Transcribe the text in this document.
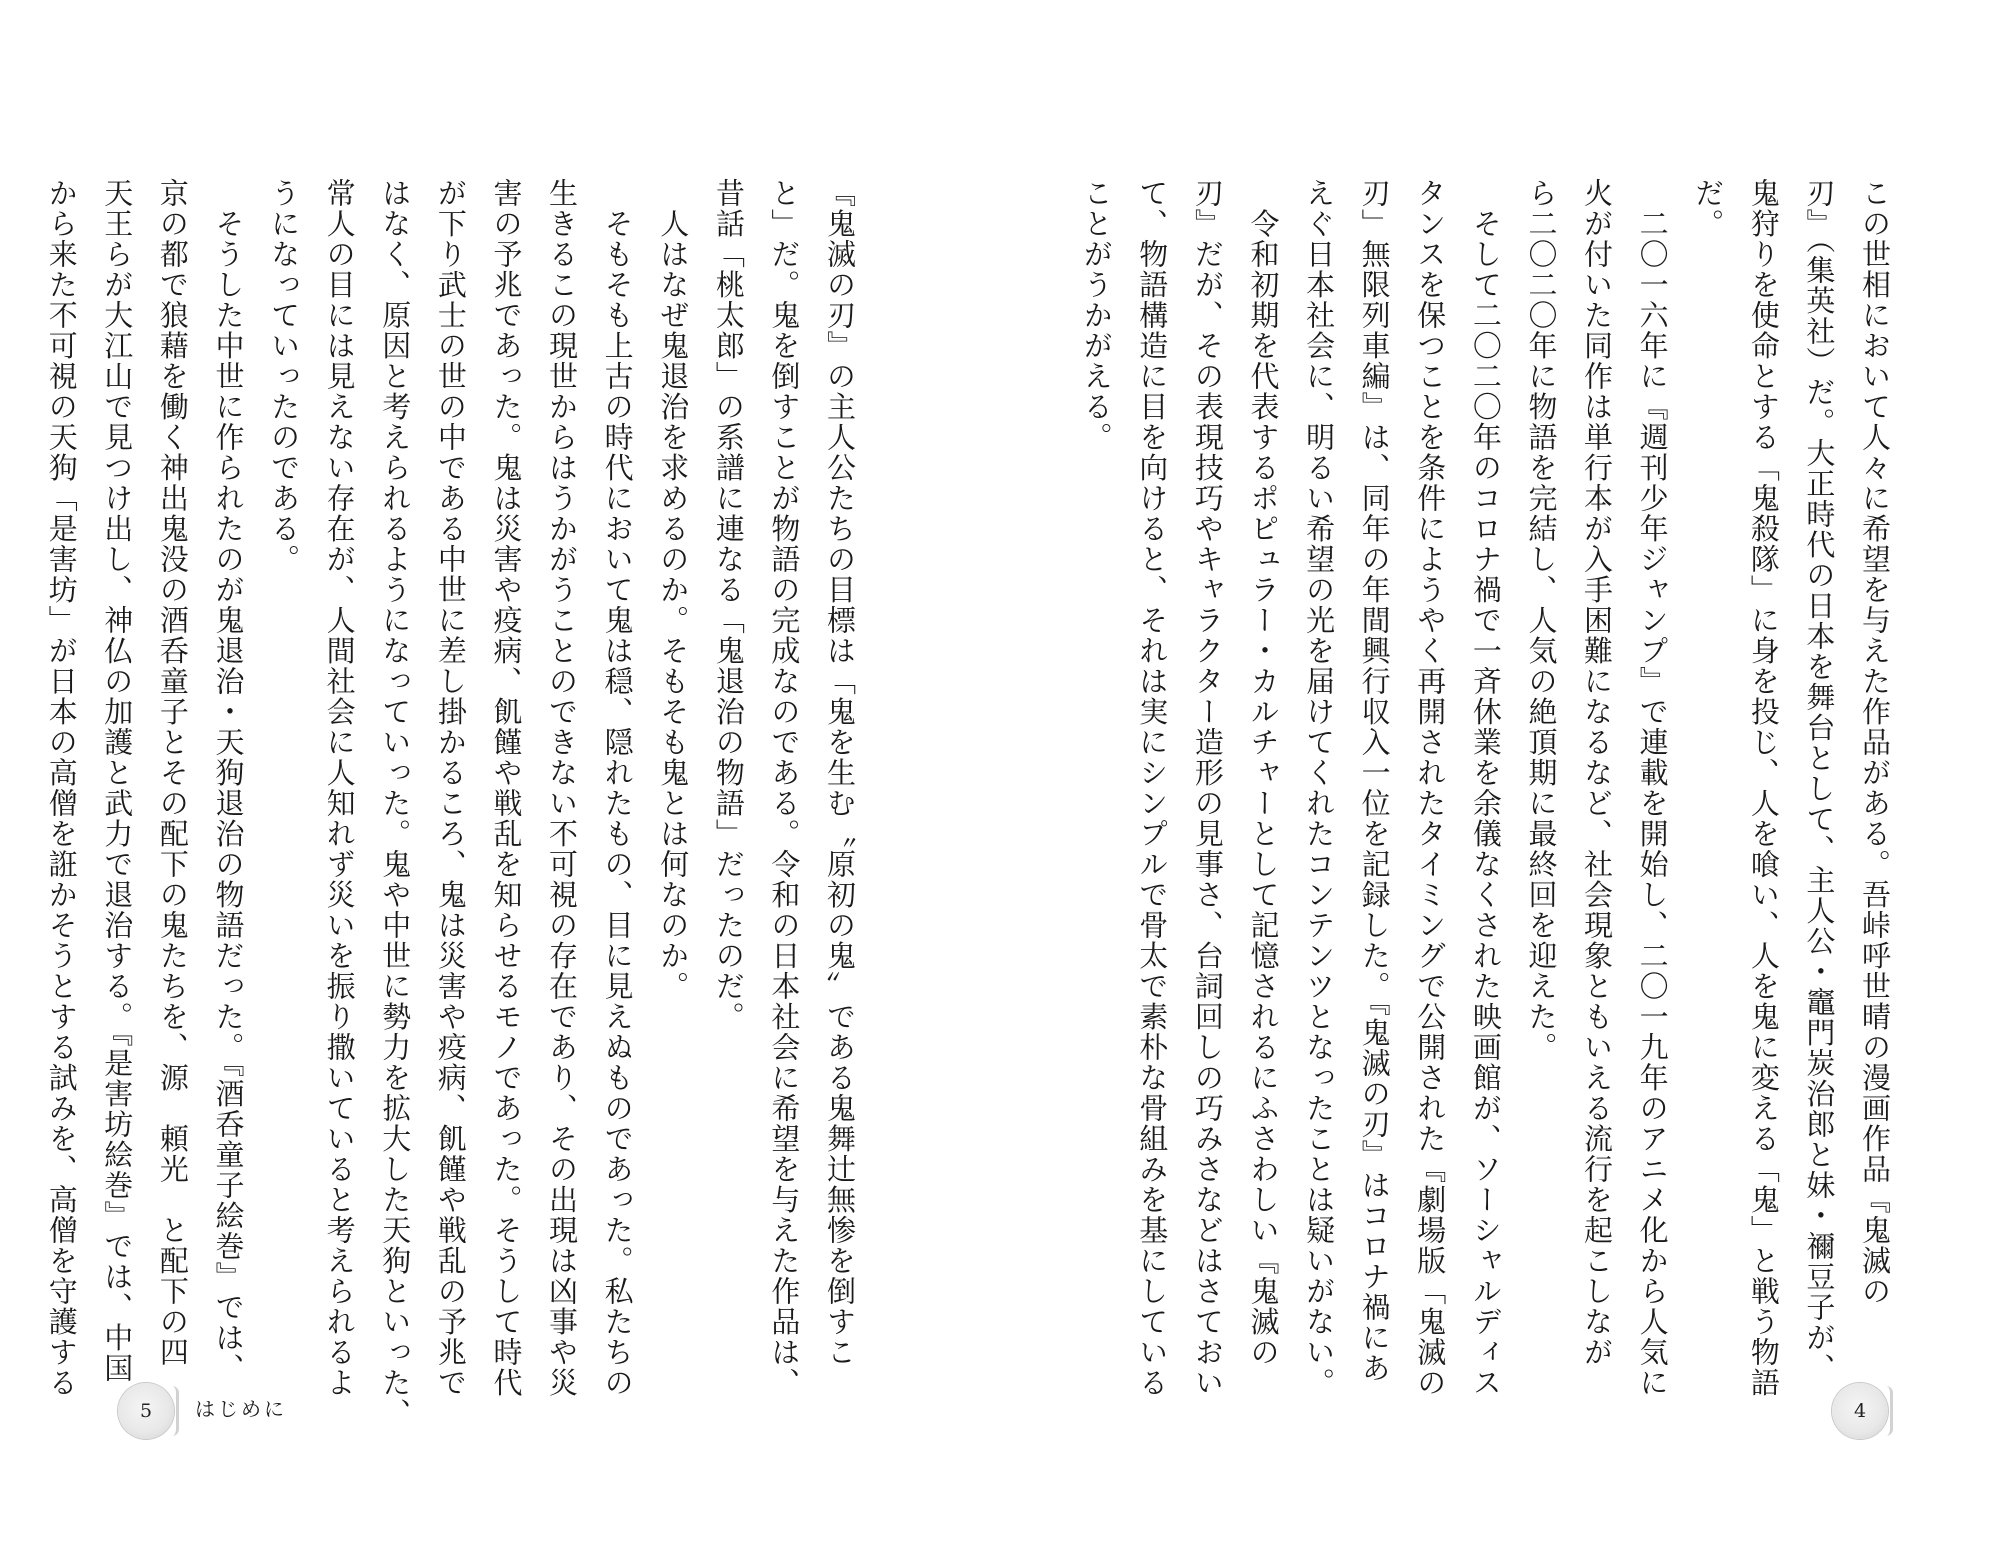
この世相において人々に希望を与えた作品がある。吾峠呼世晴の漫画作品『鬼滅の
刃』（集英社）だ。大正時代の日本を舞台として、主人公・竈門炭治郎と妹・禰豆子が、
鬼狩りを使命とする「鬼殺隊」に身を投じ、人を喰い、人を鬼に変える「鬼」と戦う物語
だ。
　二〇一六年に『週刊少年ジャンプ』で連載を開始し、二〇一九年のアニメ化から人気に
火が付いた同作は単行本が入手困難になるなど、社会現象ともいえる流行を起こしなが
ら二〇二〇年に物語を完結し、人気の絶頂期に最終回を迎えた。
　そして二〇二〇年のコロナ禍で一斉休業を余儀なくされた映画館が、ソーシャルディス
タンスを保つことを条件にようやく再開されたタイミングで公開された『劇場版「鬼滅の
刃」無限列車編』は、同年の年間興行収入一位を記録した。『鬼滅の刃』はコロナ禍にあ
えぐ日本社会に、明るい希望の光を届けてくれたコンテンツとなったことは疑いがない。
　令和初期を代表するポピュラー・カルチャーとして記憶されるにふさわしい『鬼滅の
刃』だが、その表現技巧やキャラクター造形の見事さ、台詞回しの巧みさなどはさておい
て、物語構造に目を向けると、それは実にシンプルで骨太で素朴な骨組みを基にしている
ことがうかがえる。
『鬼滅の刃』の主人公たちの目標は「鬼を生む〝原初の鬼〟である鬼舞辻無惨を倒すこ
と」だ。鬼を倒すことが物語の完成なのである。令和の日本社会に希望を与えた作品は、
昔話「桃太郎」の系譜に連なる「鬼退治の物語」だったのだ。
　人はなぜ鬼退治を求めるのか。そもそも鬼とは何なのか。
　そもそも上古の時代において鬼は穏、隠れたもの、目に見えぬものであった。私たちの
生きるこの現世からはうかがうことのできない不可視の存在であり、その出現は凶事や災
害の予兆であった。鬼は災害や疫病、飢饉や戦乱を知らせるモノであった。そうして時代
が下り武士の世の中である中世に差し掛かるころ、鬼は災害や疫病、飢饉や戦乱の予兆で
はなく、原因と考えられるようになっていった。鬼や中世に勢力を拡大した天狗といった、
常人の目には見えない存在が、人間社会に人知れず災いを振り撒いていると考えられるよ
うになっていったのである。
　そうした中世に作られたのが鬼退治・天狗退治の物語だった。『酒呑童子絵巻』では、
京の都で狼藉を働く神出鬼没の酒呑童子とその配下の鬼たちを、源　頼光　と配下の四
天王らが大江山で見つけ出し、神仏の加護と武力で退治する。『是害坊絵巻』では、中国
から来た不可視の天狗「是害坊」が日本の高僧を誑かそうとする試みを、高僧を守護する
5 はじめに	4
